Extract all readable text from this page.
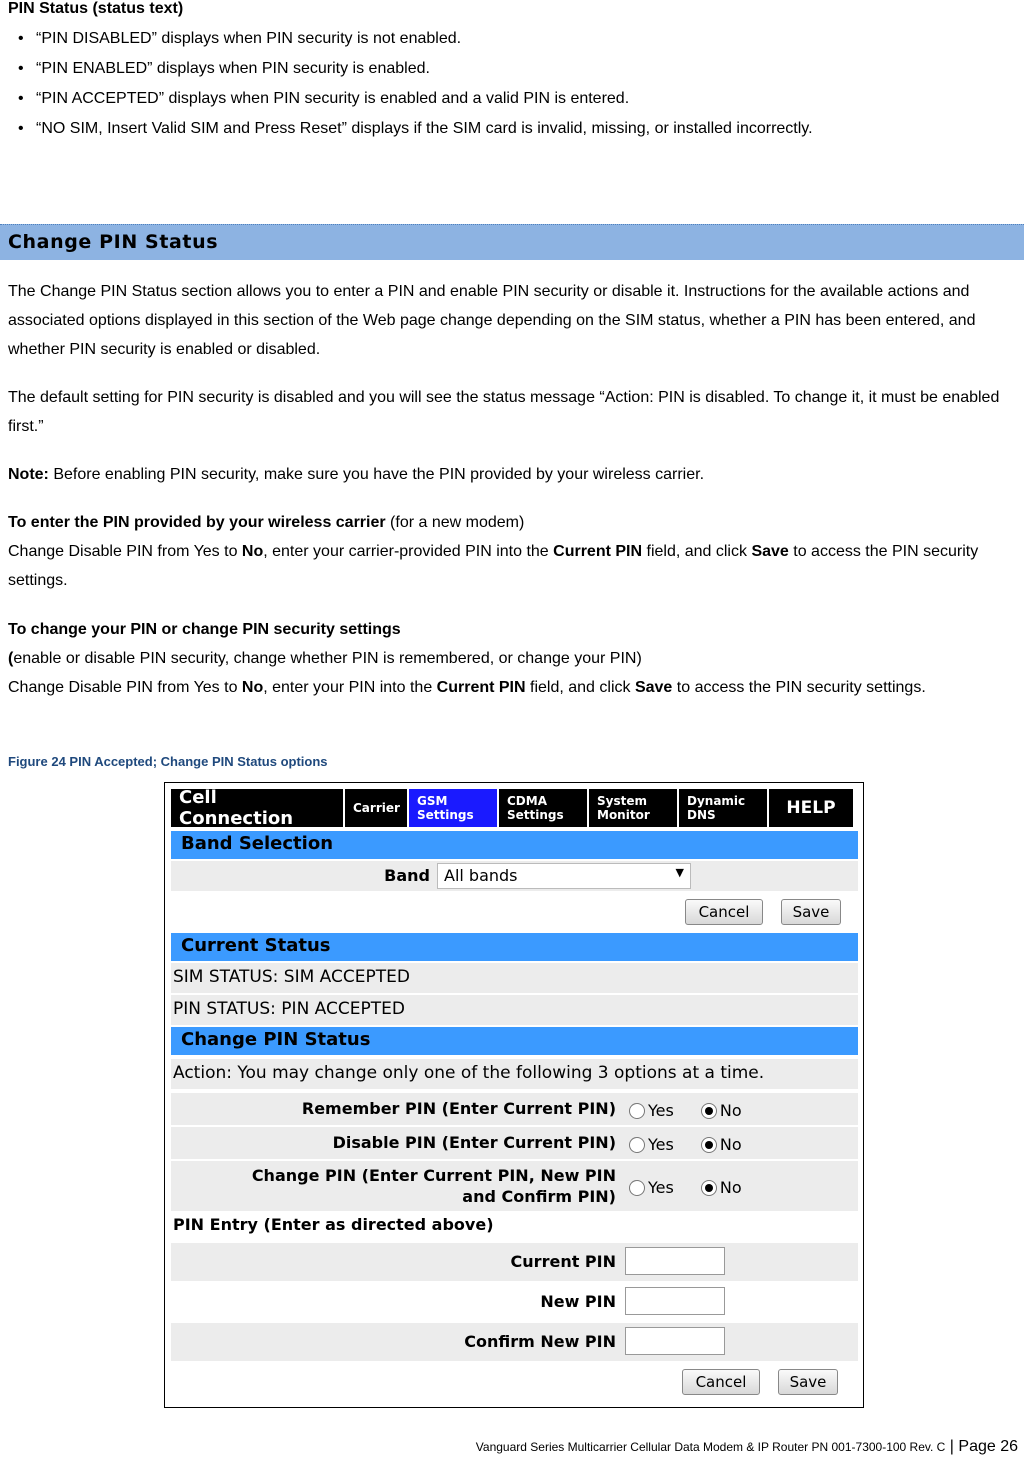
PIN Status (status text)
• “PIN DISABLED” displays when PIN security is not enabled.
• “PIN ENABLED” displays when PIN security is enabled.
• “PIN ACCEPTED” displays when PIN security is enabled and a valid PIN is entered.
• “NO SIM, Insert Valid SIM and Press Reset” displays if the SIM card is invalid, missing, or installed incorrectly.
Change PIN Status

The Change PIN Status section allows you to enter a PIN and enable PIN security or disable it. Instructions for the available actions and associated options displayed in this section of the Web page change depending on the SIM status, whether a PIN has been entered, and whether PIN security is enabled or disabled.

The default setting for PIN security is disabled and you will see the status message “Action: PIN is disabled. To change it, it must be enabled first.”

Note: Before enabling PIN security, make sure you have the PIN provided by your wireless carrier.

To enter the PIN provided by your wireless carrier (for a new modem)
Change Disable PIN from Yes to No, enter your carrier-provided PIN into the Current PIN field, and click Save to access the PIN security settings.
To change your PIN or change PIN security settings
(enable or disable PIN security, change whether PIN is remembered, or change your PIN)
Change Disable PIN from Yes to No, enter your PIN into the Current PIN field, and click Save to access the PIN security settings.
Figure 24 PIN Accepted; Change PIN Status options
Cell Connection	Carrier	GSM Settings
CDMA Settings
System Monitor
Dynamic DNS	HELP
Band Selection
Band All bands	▼
Cancel	Save
Current Status
SIM STATUS: SIM ACCEPTED
PIN STATUS: PIN ACCEPTED
Change PIN Status
Action: You may change only one of the following 3 options at a time.
Remember PIN (Enter Current PIN)	Yes	No
Disable PIN (Enter Current PIN)	Yes	No
Change PIN (Enter Current PIN, New PIN
and Confirm PIN)	Yes	No
PIN Entry (Enter as directed above)
Current PIN
New PIN
Confirm New PIN
Cancel	Save
Vanguard Series Multicarrier Cellular Data Modem & IP Router PN 001-7300-100 Rev. C | Page 26
